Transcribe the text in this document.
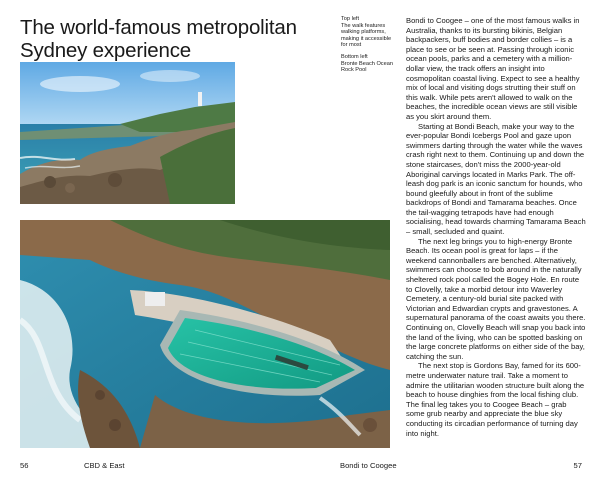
The world-famous metropolitan Sydney experience
Top left
The walk features walking platforms, making it accessible for most
Bottom left
Bronte Beach Ocean Rock Pool

Bondi to Coogee – one of the most famous walks in Australia, thanks to its bursting bikinis, Belgian backpackers, buff bodies and border collies – is a place to see or be seen at. Passing through iconic ocean pools, parks and a cemetery with a million-dollar view, the track offers an insight into cosmopolitan coastal living. Expect to see a healthy mix of local and visiting dogs strutting their stuff on this walk. While pets aren't allowed to walk on the beaches, the incredible ocean views are still visible as you skirt around them.

Starting at Bondi Beach, make your way to the ever-popular Bondi Icebergs Pool and gaze upon swimmers darting through the water while the waves crash right next to them. Continuing up and down the stone staircases, don't miss the 2000-year-old Aboriginal carvings located in Marks Park. The off-leash dog park is an iconic sanctum for hounds, who bound gleefully about in front of the sublime backdrops of Bondi and Tamarama beaches. Once the tail-wagging tetrapods have had enough socialising, head towards charming Tamarama Beach – small, secluded and quaint.

The next leg brings you to high-energy Bronte Beach. Its ocean pool is great for laps – if the weekend cannonballers are benched. Alternatively, swimmers can choose to bob around in the naturally sheltered rock pool called the Bogey Hole. En route to Clovelly, take a morbid detour into Waverley Cemetery, a century-old burial site packed with Victorian and Edwardian crypts and gravestones. A supernatural panorama of the coast awaits you there. Continuing on, Clovelly Beach will snap you back into the land of the living, who can be spotted basking on the large concrete platforms on either side of the bay, catching the sun.

The next stop is Gordons Bay, famed for its 600-metre underwater nature trail. Take a moment to admire the utilitarian wooden structure built along the beach to house dinghies from the local fishing club. The final leg takes you to Coogee Beach – grab some grub nearby and appreciate the blue sky conducting its circadian performance of turning day into night.

56	CBD & East	Bondi to Coogee	57
